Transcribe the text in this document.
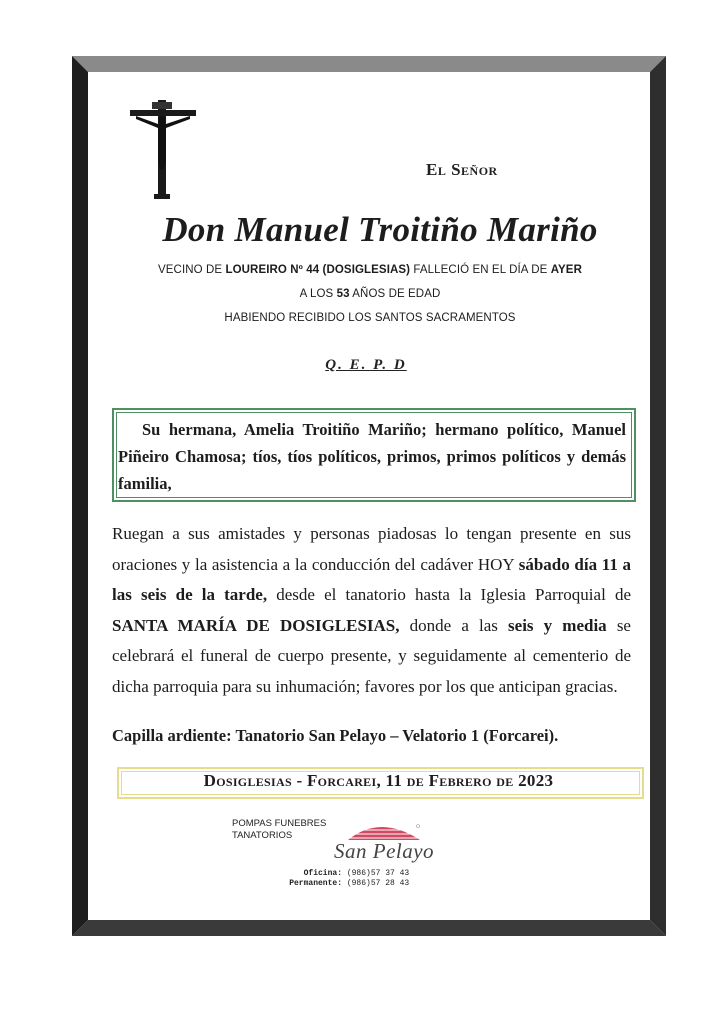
El Señor
Don Manuel Troitiño Mariño
VECINO DE LOUREIRO Nº 44 (DOSIGLESIAS) FALLECIÓ EN EL DÍA DE AYER
A LOS 53 AÑOS DE EDAD
HABIENDO RECIBIDO LOS SANTOS SACRAMENTOS
Q. E. P. D
Su hermana, Amelia Troitiño Mariño; hermano político, Manuel Piñeiro Chamosa; tíos, tíos políticos, primos, primos políticos y demás familia,
Ruegan a sus amistades y personas piadosas lo tengan presente en sus oraciones y la asistencia a la conducción del cadáver HOY sábado día 11 a las seis de la tarde, desde el tanatorio hasta la Iglesia Parroquial de SANTA MARÍA DE DOSIGLESIAS, donde a las seis y media se celebrará el funeral de cuerpo presente, y seguidamente al cementerio de dicha parroquia para su inhumación; favores por los que anticipan gracias.
Capilla ardiente: Tanatorio San Pelayo – Velatorio 1 (Forcarei).
Dosiglesias - Forcarei, 11 de Febrero de 2023
POMPAS FUNEBRES
TANATORIOS
San Pelayo
Oficina: (986)57 37 43
Permanente: (986)57 28 43
